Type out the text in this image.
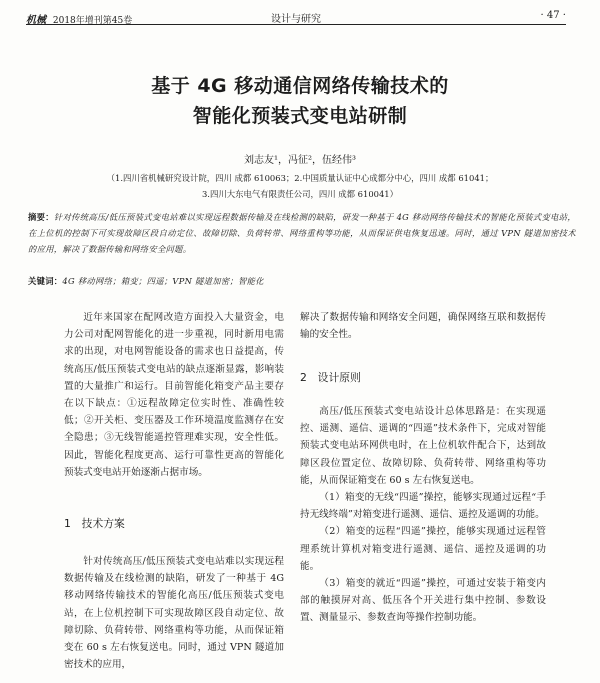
机械 2018年增刊第45卷	设计与研究	· 47 ·
基于 4G 移动通信网络传输技术的
智能化预装式变电站研制
刘志友¹，冯征²，伍经伟³
（1.四川省机械研究设计院，四川 成都 610063；2.中国质量认证中心成都分中心，四川 成都 61041；
3.四川大东电气有限责任公司，四川 成都 610041）
摘要：针对传统高压/低压预装式变电站难以实现远程数据传输及在线检测的缺陷，研发一种基于 4G 移动网络传输技术的智能化预装式变电站，在上位机的控制下可实现故障区段自动定位、故障切除、负荷转带、网络重构等功能，从而保证供电恢复迅速。同时，通过 VPN 隧道加密技术的应用，解决了数据传输和网络安全问题。
关键词：4G 移动网络；箱变；四遥；VPN 隧道加密；智能化

近年来国家在配网改造方面投入大量资金，电力公司对配网智能化的进一步重视，同时新用电需求的出现，对电网智能设备的需求也日益提高，传统高压/低压预装式变电站的缺点逐渐显露，影响装置的大量推广和运行。目前智能化箱变产品主要存在以下缺点：①远程故障定位实时性、准确性较低；②开关柜、变压器及工作环境温度监测存在安全隐患；③无线智能遥控管理难实现，安全性低。因此，智能化程度更高、运行可靠性更高的智能化预装式变电站开始逐渐占据市场。

1　技术方案

针对传统高压/低压预装式变电站难以实现远程数据传输及在线检测的缺陷，研发了一种基于 4G 移动网络传输技术的智能化高压/低压预装式变电站，在上位机控制下可实现故障区段自动定位、故障切除、负荷转带、网络重构等功能，从而保证箱变在 60 s 左右恢复送电。同时，通过 VPN 隧道加密技术的应用，

解决了数据传输和网络安全问题，确保网络互联和数据传输的安全性。

2　设计原则

高压/低压预装式变电站设计总体思路是：在实现遥控、遥测、遥信、遥调的“四遥”技术条件下，完成对智能预装式变电站环网供电时，在上位机软件配合下，达到故障区段位置定位、故障切除、负荷转带、网络重构等功能，从而保证箱变在 60 s 左右恢复送电。

（1）箱变的无线“四遥”操控，能够实现通过远程“手持无线终端”对箱变进行遥测、遥信、遥控及遥调的功能。

（2）箱变的远程“四遥”操控，能够实现通过远程管理系统计算机对箱变进行遥测、遥信、遥控及遥调的功能。

（3）箱变的就近“四遥”操控，可通过安装于箱变内部的触摸屏对高、低压各个开关进行集中控制、参数设置、测量显示、参数查询等操作控制功能。
